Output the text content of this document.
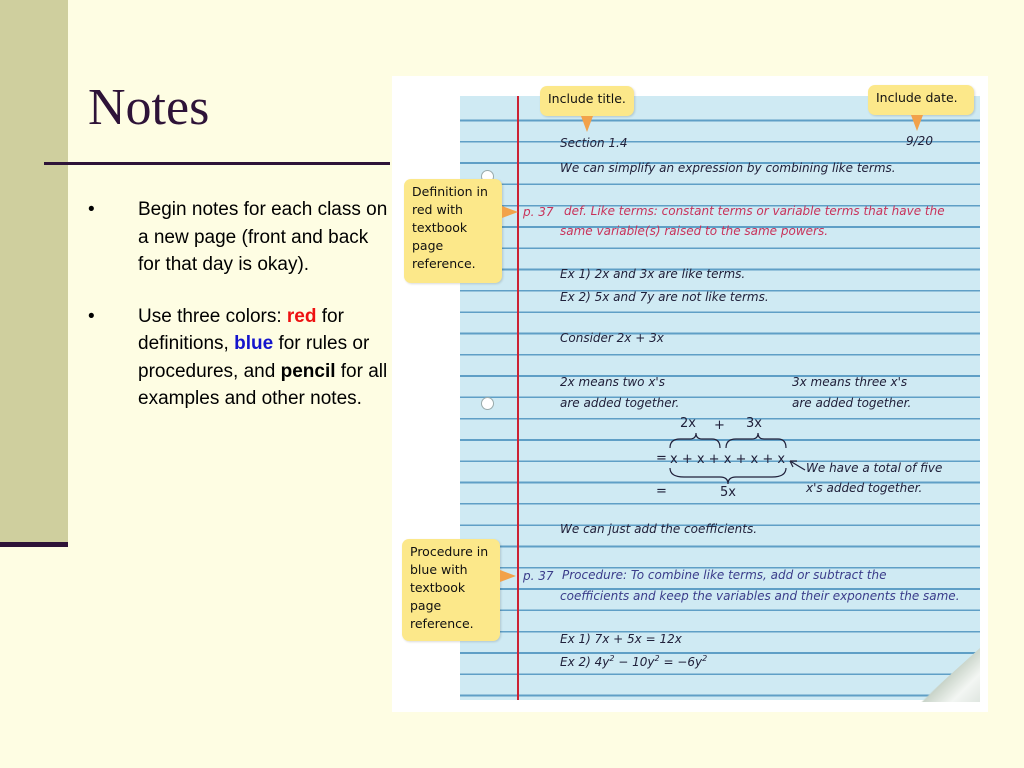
Notes
• Begin notes for each class on a new page (front and back for that day is okay).
• Use three colors: red for definitions, blue for rules or procedures, and pencil for all examples and other notes.
Section 1.4	9/20
We can simplify an expression by combining like terms.
p. 37 def. Like terms: constant terms or variable terms that have the
same variable(s) raised to the same powers.
Ex 1) 2x and 3x are like terms.
Ex 2) 5x and 7y are not like terms.
Consider 2x + 3x
2x means two x's
are added together.
3x means three x's
are added together.
2x + 3x
= x + x + x + x + x
We have a total of five
x's added together.
=	5x
We can just add the coefficients.
p. 37 Procedure: To combine like terms, add or subtract the
coefficients and keep the variables and their exponents the same.
Ex 1) 7x + 5x = 12x
Ex 2) $4y^2 - 10y^2 = -6y^2$
Include title.	Include date.
Definition in
red with
textbook
page
reference.
Procedure in
blue with
textbook
page
reference.
